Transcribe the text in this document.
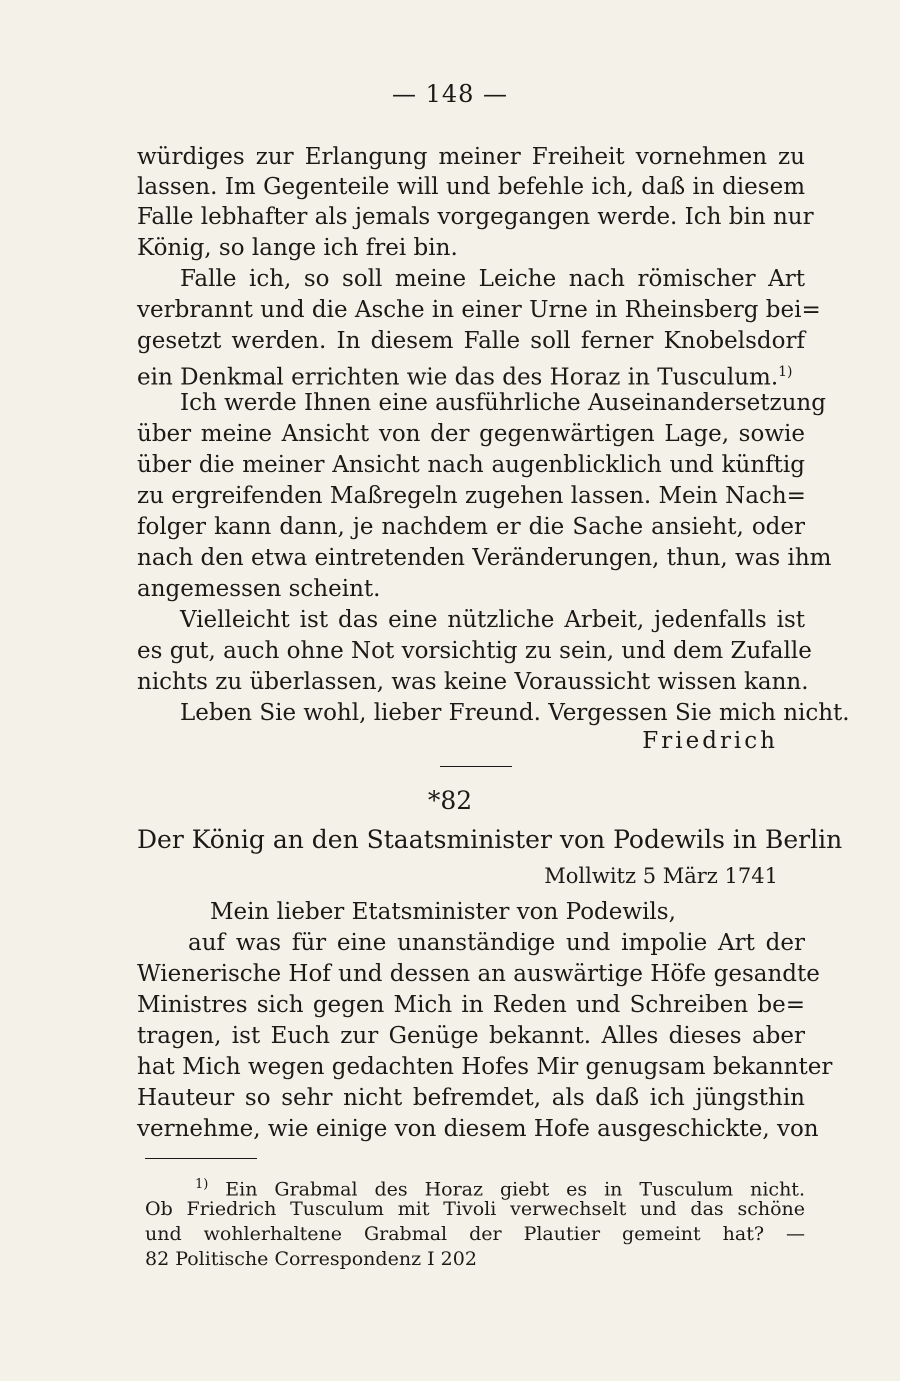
— 148 —
würdiges zur Erlangung meiner Freiheit vornehmen zu
lassen. Im Gegenteile will und befehle ich, daß in diesem
Falle lebhafter als jemals vorgegangen werde. Ich bin nur
König, so lange ich frei bin.
Falle ich, so soll meine Leiche nach römischer Art
verbrannt und die Asche in einer Urne in Rheinsberg bei=
gesetzt werden. In diesem Falle soll ferner Knobelsdorf
ein Denkmal errichten wie das des Horaz in Tusculum.$^{1)}$
Ich werde Ihnen eine ausführliche Auseinandersetzung
über meine Ansicht von der gegenwärtigen Lage, sowie
über die meiner Ansicht nach augenblicklich und künftig
zu ergreifenden Maßregeln zugehen lassen. Mein Nach=
folger kann dann, je nachdem er die Sache ansieht, oder
nach den etwa eintretenden Veränderungen, thun, was ihm
angemessen scheint.
Vielleicht ist das eine nützliche Arbeit, jedenfalls ist
es gut, auch ohne Not vorsichtig zu sein, und dem Zufalle
nichts zu überlassen, was keine Voraussicht wissen kann.
Leben Sie wohl, lieber Freund. Vergessen Sie mich nicht.
Friedrich
*82
Der König an den Staatsminister von Podewils in Berlin
Mollwitz 5 März 1741
Mein lieber Etatsminister von Podewils,
auf was für eine unanständige und impolie Art der
Wienerische Hof und dessen an auswärtige Höfe gesandte
Ministres sich gegen Mich in Reden und Schreiben be=
tragen, ist Euch zur Genüge bekannt. Alles dieses aber
hat Mich wegen gedachten Hofes Mir genugsam bekannter
Hauteur so sehr nicht befremdet, als daß ich jüngsthin
vernehme, wie einige von diesem Hofe ausgeschickte, von
$^{1)}$ Ein Grabmal des Horaz giebt es in Tusculum nicht.
Ob Friedrich Tusculum mit Tivoli verwechselt und das schöne
und wohlerhaltene Grabmal der Plautier gemeint hat? —
82 Politische Correspondenz I 202
